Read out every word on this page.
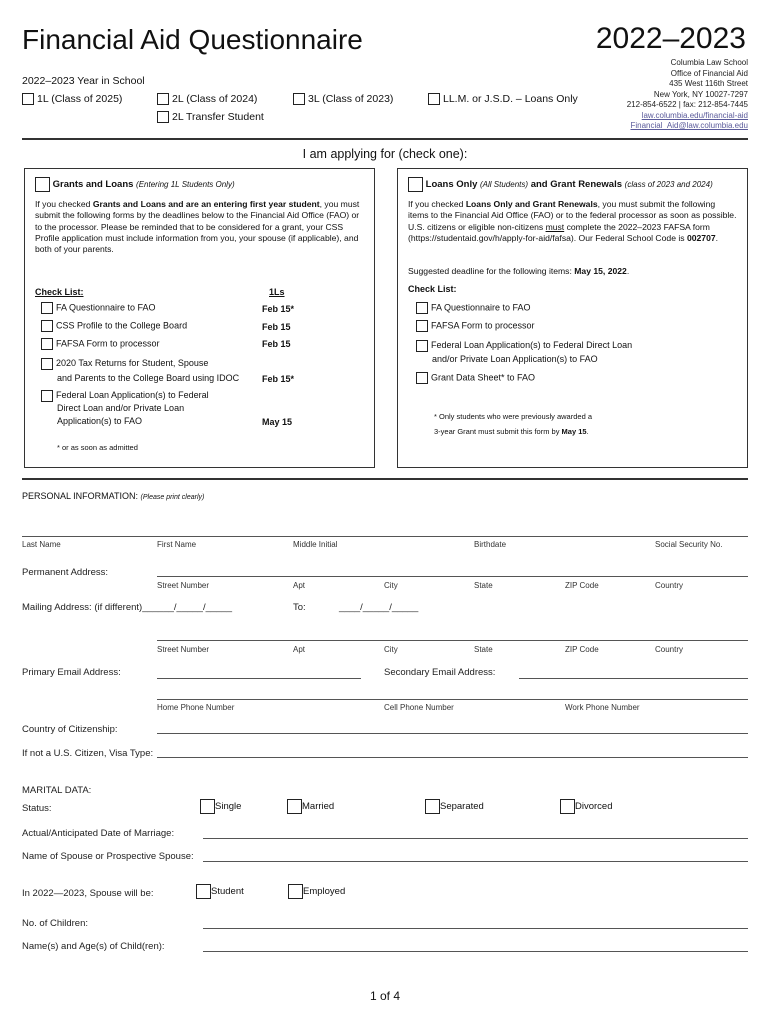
Financial Aid Questionnaire	2022–2023
Columbia Law School
Office of Financial Aid
435 West 116th Street
New York, NY 10027-7297
212-854-6522 | fax: 212-854-7445
law.columbia.edu/financial-aid
Financial_Aid@law.columbia.edu
2022–2023 Year in School
1L (Class of 2025)	2L (Class of 2024)
2L Transfer Student
3L (Class of 2023)	LL.M. or J.S.D. – Loans Only
I am applying for (check one):
Grants and Loans (Entering 1L Students Only)
If you checked Grants and Loans and are an entering first year student, you must submit the following forms by the deadlines below to the Financial Aid Office (FAO) or to the processor. Please be reminded that to be considered for a grant, your CSS Profile application must include information from you, your spouse (if applicable), and both of your parents.
Check List:	1Ls
FA Questionnaire to FAO	Feb 15*
CSS Profile to the College Board	Feb 15
FAFSA Form to processor	Feb 15
2020 Tax Returns for Student, Spouse
and Parents to the College Board using IDOC	Feb 15*
Federal Loan Application(s) to Federal
Direct Loan and/or Private Loan
Application(s) to FAO	May 15
* or as soon as admitted
Loans Only (All Students) and Grant Renewals (class of 2023 and 2024)
If you checked Loans Only and Grant Renewals, you must submit the following items to the Financial Aid Office (FAO) or to the federal processor as soon as possible. U.S. citizens or eligible non-citizens must complete the 2022–2023 FAFSA form (https://studentaid.gov/h/apply-for-aid/fafsa). Our Federal School Code is 002707.
Suggested deadline for the following items: May 15, 2022.
Check List:
FA Questionnaire to FAO
FAFSA Form to processor
Federal Loan Application(s) to Federal Direct Loan
and/or Private Loan Application(s) to FAO
Grant Data Sheet* to FAO
* Only students who were previously awarded a
3-year Grant must submit this form by May 15.
PERSONAL INFORMATION: (Please print clearly)
Last Name	First Name	Middle Initial	Birthdate	Social Security No.
Permanent Address:
Street Number	Apt	City	State	ZIP Code	Country
Mailing Address: (if different)______/_____/_____	To:	____/_____/_____
Street Number	Apt	City	State	ZIP Code	Country
Primary Email Address:	Secondary Email Address:
Home Phone Number	Cell Phone Number	Work Phone Number
Country of Citizenship:
If not a U.S. Citizen, Visa Type:
MARITAL DATA:
Status:	Single	Married	Separated	Divorced
Actual/Anticipated Date of Marriage:
Name of Spouse or Prospective Spouse:
In 2022—2023, Spouse will be:	Student	Employed
No. of Children:
Name(s) and Age(s) of Child(ren):
1 of 4
